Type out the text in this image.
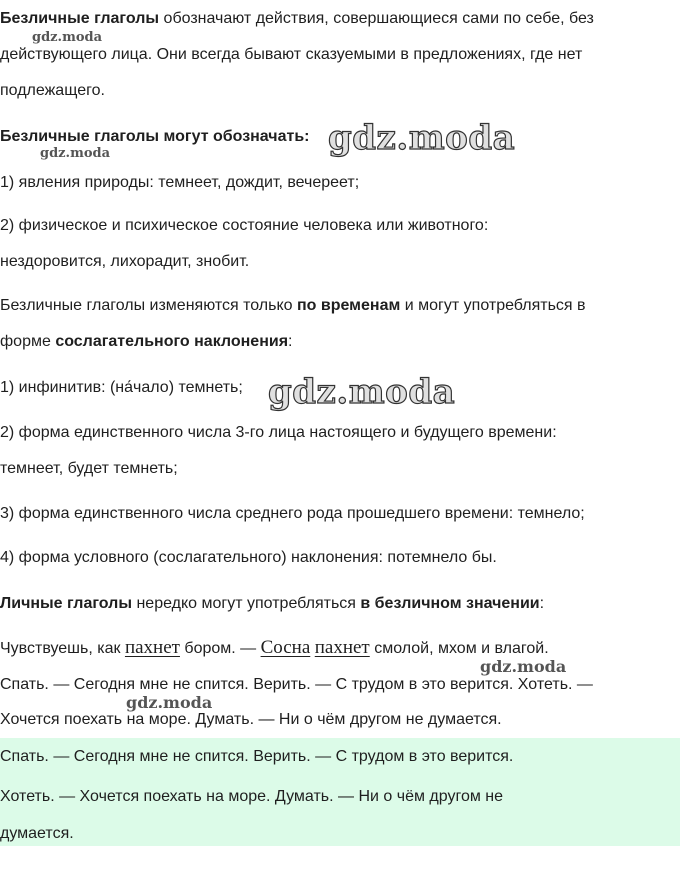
Безличные глаголы обозначают действия, совершающиеся сами по себе, без
действующего лица. Они всегда бывают сказуемыми в предложениях, где нет
подлежащего.
Безличные глаголы могут обозначать:
1) явления природы: темнеет, дождит, вечереет;
2) физическое и психическое состояние человека или животного:
нездоровится, лихорадит, знобит.
Безличные глаголы изменяются только по временам и могут употребляться в
форме сослагательного наклонения:
1) инфинитив: (на́чало) темнеть;
2) форма единственного числа 3-го лица настоящего и будущего времени:
темнеет, будет темнеть;
3) форма единственного числа среднего рода прошедшего времени: темнело;
4) форма условного (сослагательного) наклонения: потемнело бы.
Личные глаголы нередко могут употребляться в безличном значении:
Чувствуешь, как пахнет бором. — Сосна пахнет смолой, мхом и влагой.
Спать. — Сегодня мне не спится. Верить. — С трудом в это верится. Хотеть. —
Хочется поехать на море. Думать. — Ни о чём другом не думается.
Спать. — Сегодня мне не спится. Верить. — С трудом в это верится.
Хотеть. — Хочется поехать на море. Думать. — Ни о чём другом не
думается.
gdz.moda
gdz.moda	gdz.moda
gdz.moda
gdz.moda
gdz.moda
